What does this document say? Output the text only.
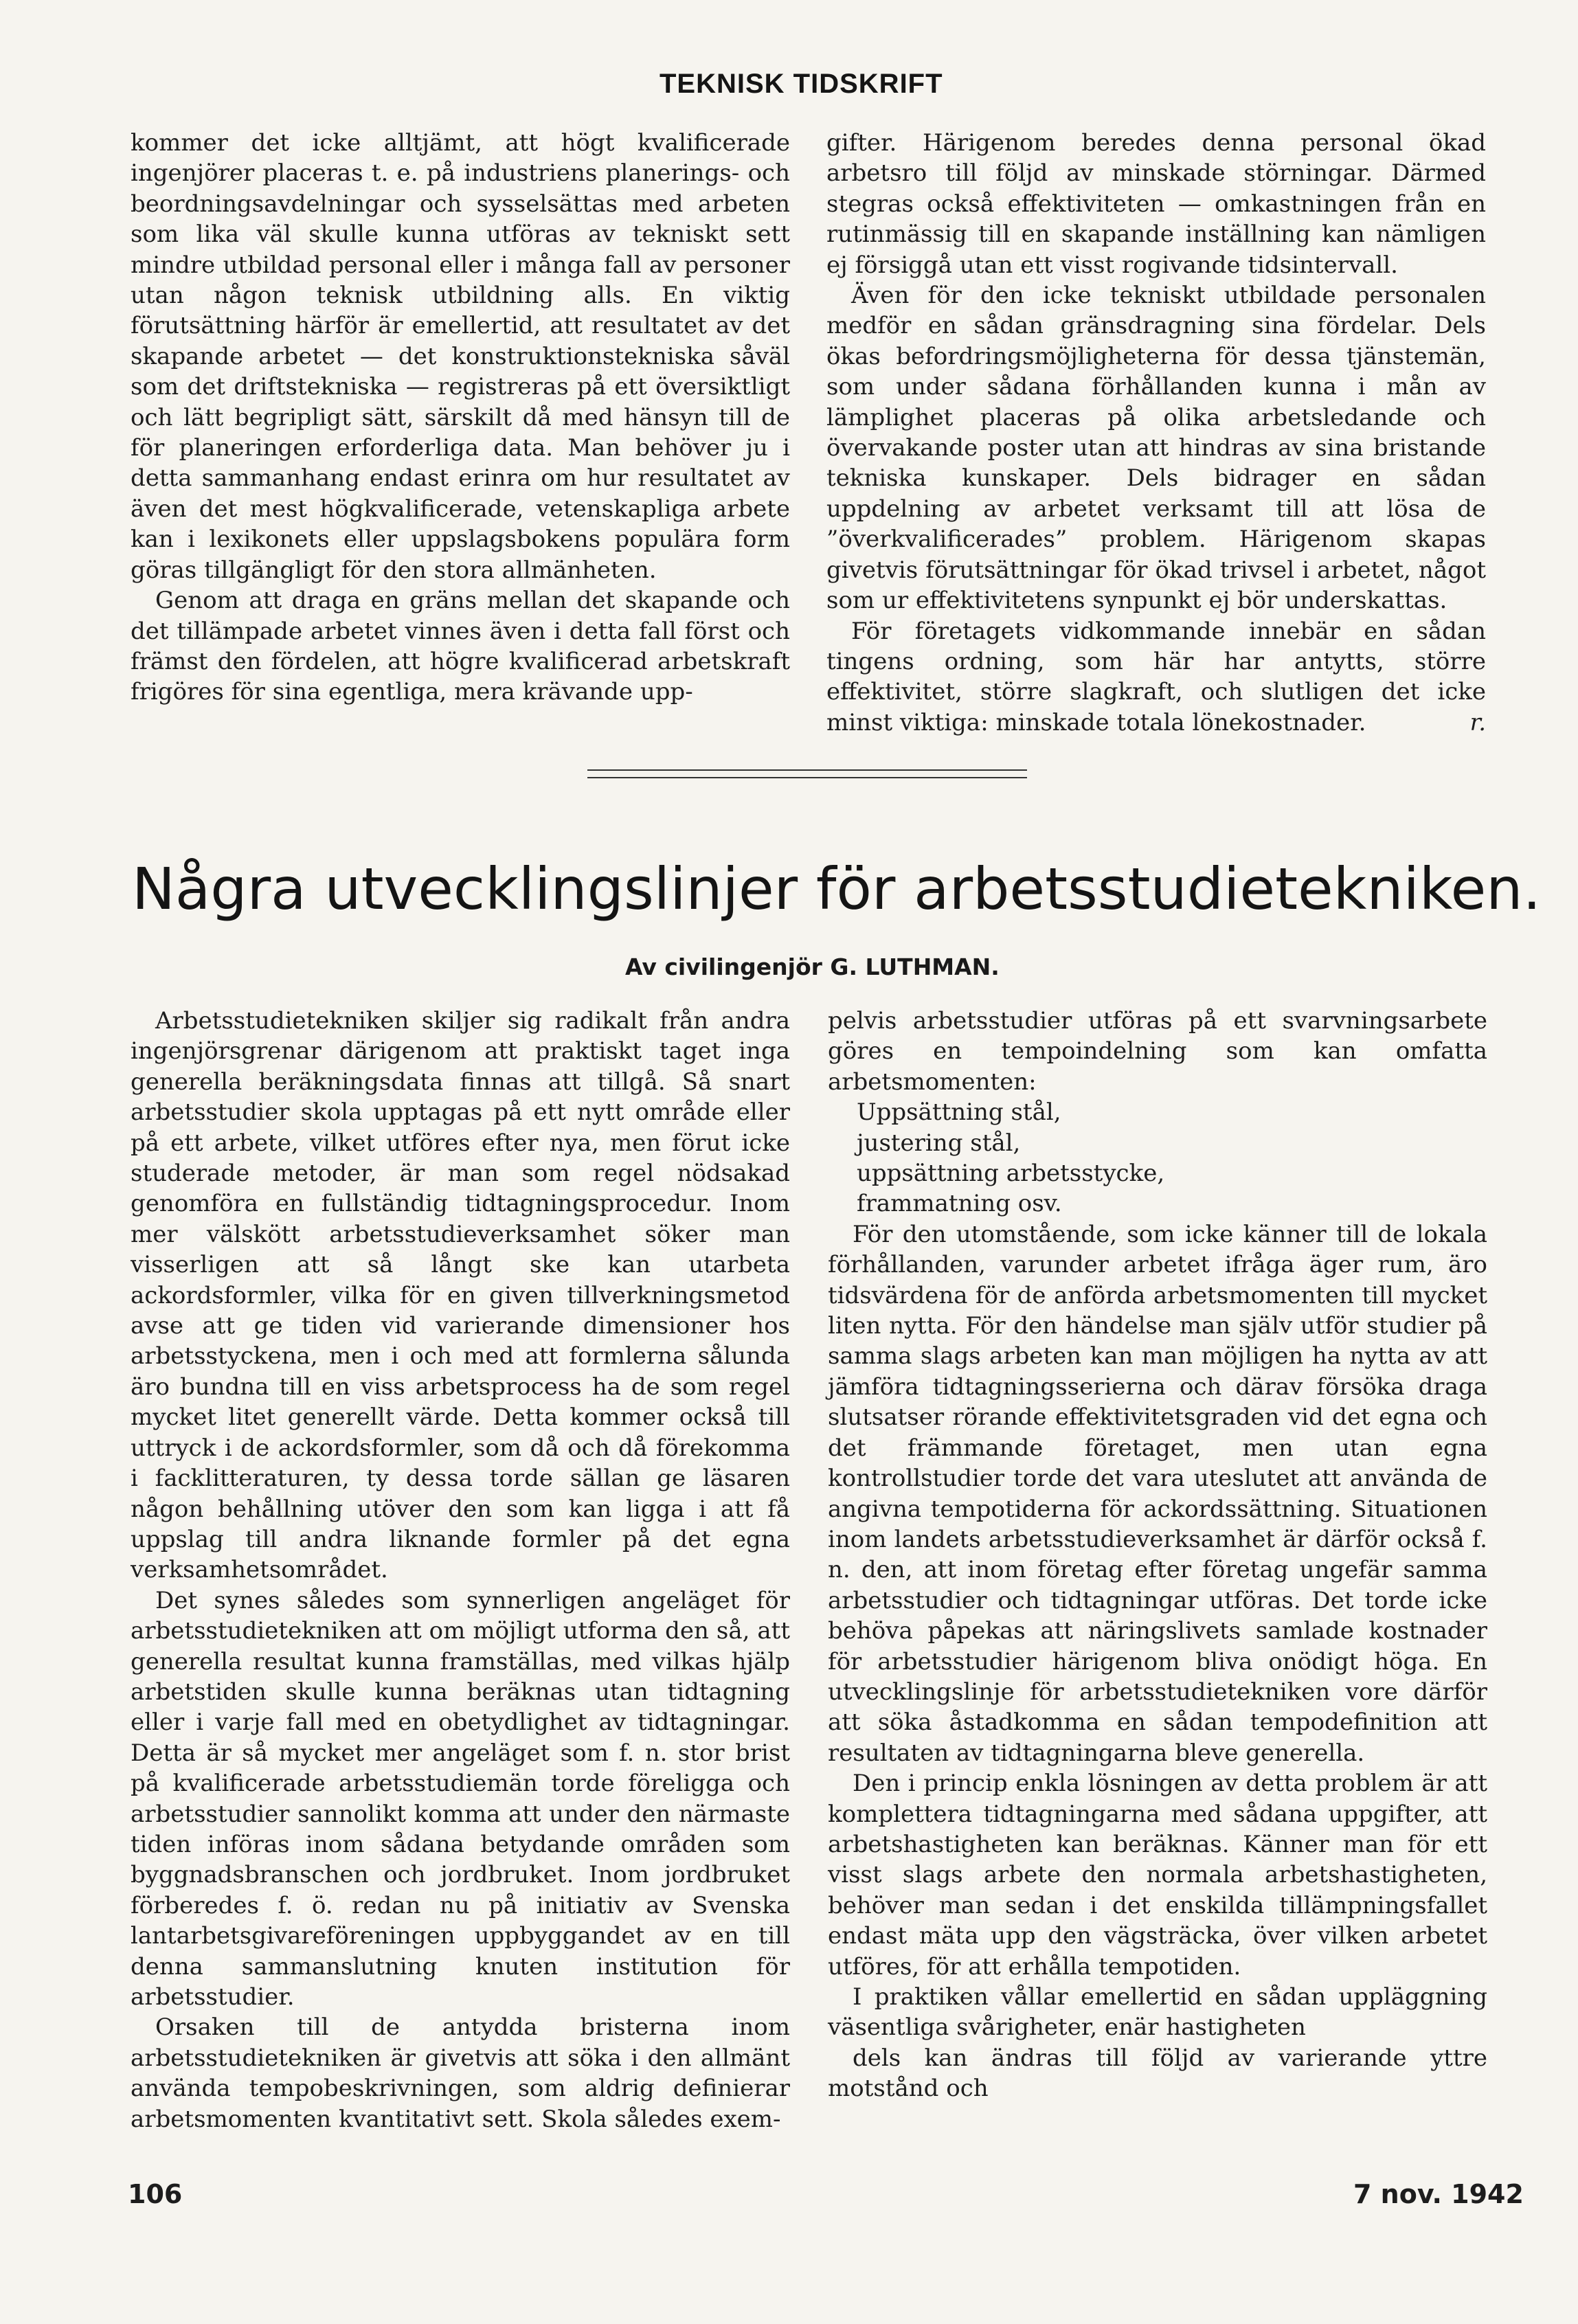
TEKNISK TIDSKRIFT

kommer det icke alltjämt, att högt kvalificerade ingenjörer placeras t. e. på industriens planerings- och beordningsavdelningar och sysselsättas med arbeten som lika väl skulle kunna utföras av tekniskt sett mindre utbildad personal eller i många fall av personer utan någon teknisk utbildning alls. En viktig förutsättning härför är emellertid, att resultatet av det skapande arbetet — det konstruktionstekniska såväl som det driftstekniska — registreras på ett översiktligt och lätt begripligt sätt, särskilt då med hänsyn till de för planeringen erforderliga data. Man behöver ju i detta sammanhang endast erinra om hur resultatet av även det mest högkvalificerade, vetenskapliga arbete kan i lexikonets eller uppslagsbokens populära form göras tillgängligt för den stora allmänheten.

Genom att draga en gräns mellan det skapande och det tillämpade arbetet vinnes även i detta fall först och främst den fördelen, att högre kvalificerad arbetskraft frigöres för sina egentliga, mera krävande upp-

gifter. Härigenom beredes denna personal ökad arbetsro till följd av minskade störningar. Därmed stegras också effektiviteten — omkastningen från en rutinmässig till en skapande inställning kan nämligen ej försiggå utan ett visst rogivande tidsintervall.

Även för den icke tekniskt utbildade personalen medför en sådan gränsdragning sina fördelar. Dels ökas befordringsmöjligheterna för dessa tjänstemän, som under sådana förhållanden kunna i mån av lämplighet placeras på olika arbetsledande och övervakande poster utan att hindras av sina bristande tekniska kunskaper. Dels bidrager en sådan uppdelning av arbetet verksamt till att lösa de ”överkvalificerades” problem. Härigenom skapas givetvis förutsättningar för ökad trivsel i arbetet, något som ur effektivitetens synpunkt ej bör underskattas.

För företagets vidkommande innebär en sådan tingens ordning, som här har antytts, större effektivitet, större slagkraft, och slutligen det icke minst viktiga: minskade totala lönekostnader.	r.

Några utvecklingslinjer för arbetsstudietekniken.
Av civilingenjör G. LUTHMAN.

Arbetsstudietekniken skiljer sig radikalt från andra ingenjörsgrenar därigenom att praktiskt taget inga generella beräkningsdata finnas att tillgå. Så snart arbetsstudier skola upptagas på ett nytt område eller på ett arbete, vilket utföres efter nya, men förut icke studerade metoder, är man som regel nödsakad genomföra en fullständig tidtagningsprocedur. Inom mer välskött arbetsstudieverksamhet söker man visserligen att så långt ske kan utarbeta ackordsformler, vilka för en given tillverkningsmetod avse att ge tiden vid varierande dimensioner hos arbetsstyckena, men i och med att formlerna sålunda äro bundna till en viss arbetsprocess ha de som regel mycket litet generellt värde. Detta kommer också till uttryck i de ackordsformler, som då och då förekomma i facklitteraturen, ty dessa torde sällan ge läsaren någon behållning utöver den som kan ligga i att få uppslag till andra liknande formler på det egna verksamhetsområdet.

Det synes således som synnerligen angeläget för arbetsstudietekniken att om möjligt utforma den så, att generella resultat kunna framställas, med vilkas hjälp arbetstiden skulle kunna beräknas utan tidtagning eller i varje fall med en obetydlighet av tidtagningar. Detta är så mycket mer angeläget som f. n. stor brist på kvalificerade arbetsstudiemän torde föreligga och arbetsstudier sannolikt komma att under den närmaste tiden införas inom sådana betydande områden som byggnadsbranschen och jordbruket. Inom jordbruket förberedes f. ö. redan nu på initiativ av Svenska lantarbetsgivareföreningen uppbyggandet av en till denna sammanslutning knuten institution för arbetsstudier.

Orsaken till de antydda bristerna inom arbetsstudietekniken är givetvis att söka i den allmänt använda tempobeskrivningen, som aldrig definierar arbetsmomenten kvantitativt sett. Skola således exem-

pelvis arbetsstudier utföras på ett svarvningsarbete göres en tempoindelning som kan omfatta arbetsmomenten:

Uppsättning stål,

justering stål,

uppsättning arbetsstycke,

frammatning osv.

För den utomstående, som icke känner till de lokala förhållanden, varunder arbetet ifråga äger rum, äro tidsvärdena för de anförda arbetsmomenten till mycket liten nytta. För den händelse man själv utför studier på samma slags arbeten kan man möjligen ha nytta av att jämföra tidtagningsserierna och därav försöka draga slutsatser rörande effektivitetsgraden vid det egna och det främmande företaget, men utan egna kontrollstudier torde det vara uteslutet att använda de angivna tempotiderna för ackordssättning. Situationen inom landets arbetsstudieverksamhet är därför också f. n. den, att inom företag efter företag ungefär samma arbetsstudier och tidtagningar utföras. Det torde icke behöva påpekas att näringslivets samlade kostnader för arbetsstudier härigenom bliva onödigt höga. En utvecklingslinje för arbetsstudietekniken vore därför att söka åstadkomma en sådan tempodefinition att resultaten av tidtagningarna bleve generella.

Den i princip enkla lösningen av detta problem är att komplettera tidtagningarna med sådana uppgifter, att arbetshastigheten kan beräknas. Känner man för ett visst slags arbete den normala arbetshastigheten, behöver man sedan i det enskilda tillämpningsfallet endast mäta upp den vägsträcka, över vilken arbetet utföres, för att erhålla tempotiden.

I praktiken vållar emellertid en sådan uppläggning väsentliga svårigheter, enär hastigheten

dels kan ändras till följd av varierande yttre motstånd och

106	7 nov. 1942
